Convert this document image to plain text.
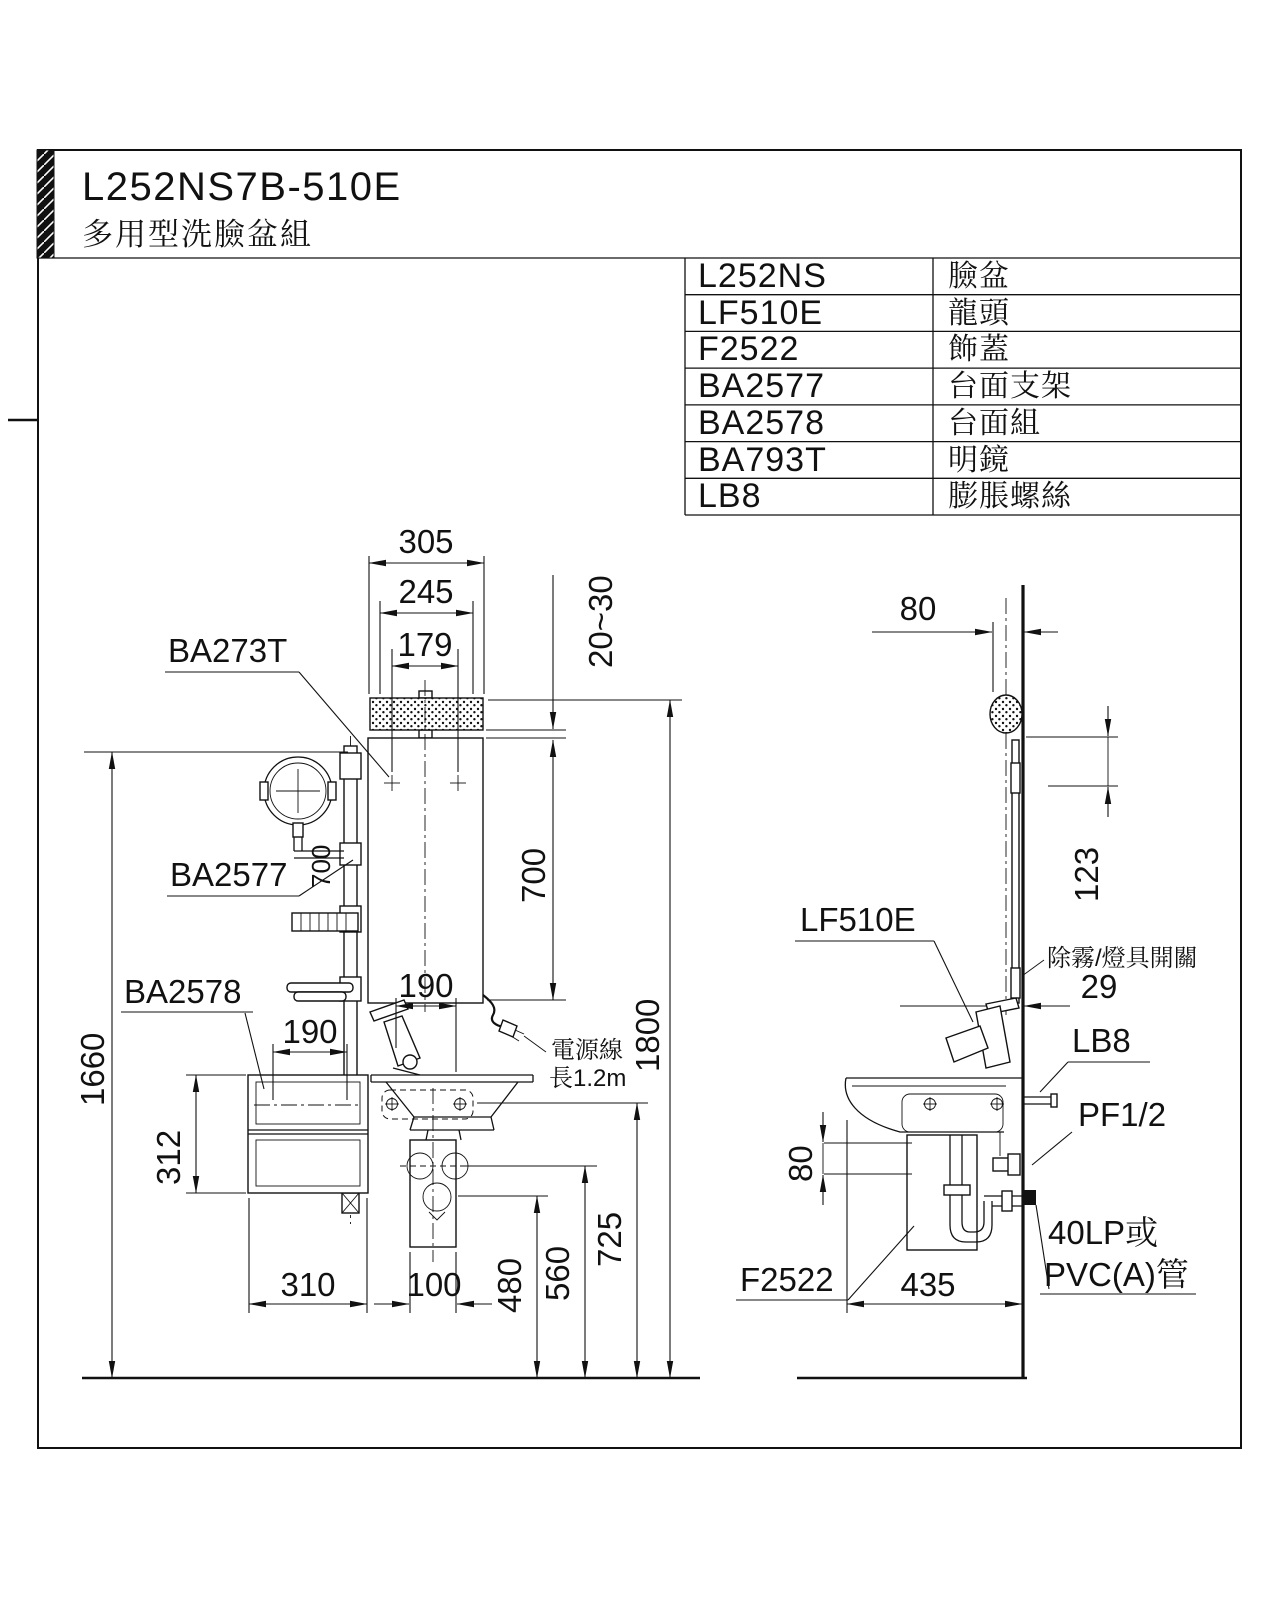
L252NS7B-510E
多用型洗臉盆組
L252NS	臉盆
LF510E	龍頭
F2522	飾蓋
BA2577	台面支架
BA2578	台面組
BA793T	明鏡
LB8	膨脹螺絲
電源線
長1.2m
305
245
179	20~30
700
700
190
190
1660
312
310 100 480 560
725
1800
BA273T
BA2577
BA2578
80
123
除霧/燈具開關
29
LF510E
LB8
PF1/2
40LP或
PVC(A)管
F2522 435
80
